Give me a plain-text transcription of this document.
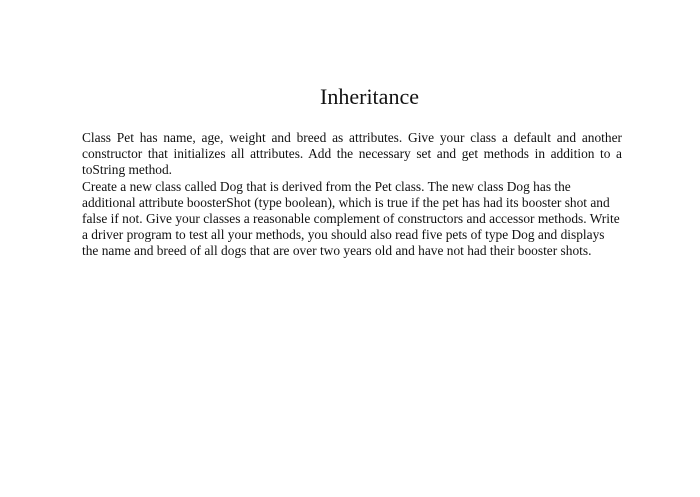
Inheritance

Class Pet has name, age, weight and breed as attributes. Give your class a default and another constructor that initializes all attributes. Add the necessary set and get methods in addition to a toString method.

Create a new class called Dog that is derived from the Pet class. The new class Dog has the additional attribute boosterShot (type boolean), which is true if the pet has had its booster shot and false if not. Give your classes a reasonable complement of constructors and accessor methods. Write a driver program to test all your methods, you should also read five pets of type Dog and displays the name and breed of all dogs that are over two years old and have not had their booster shots.
